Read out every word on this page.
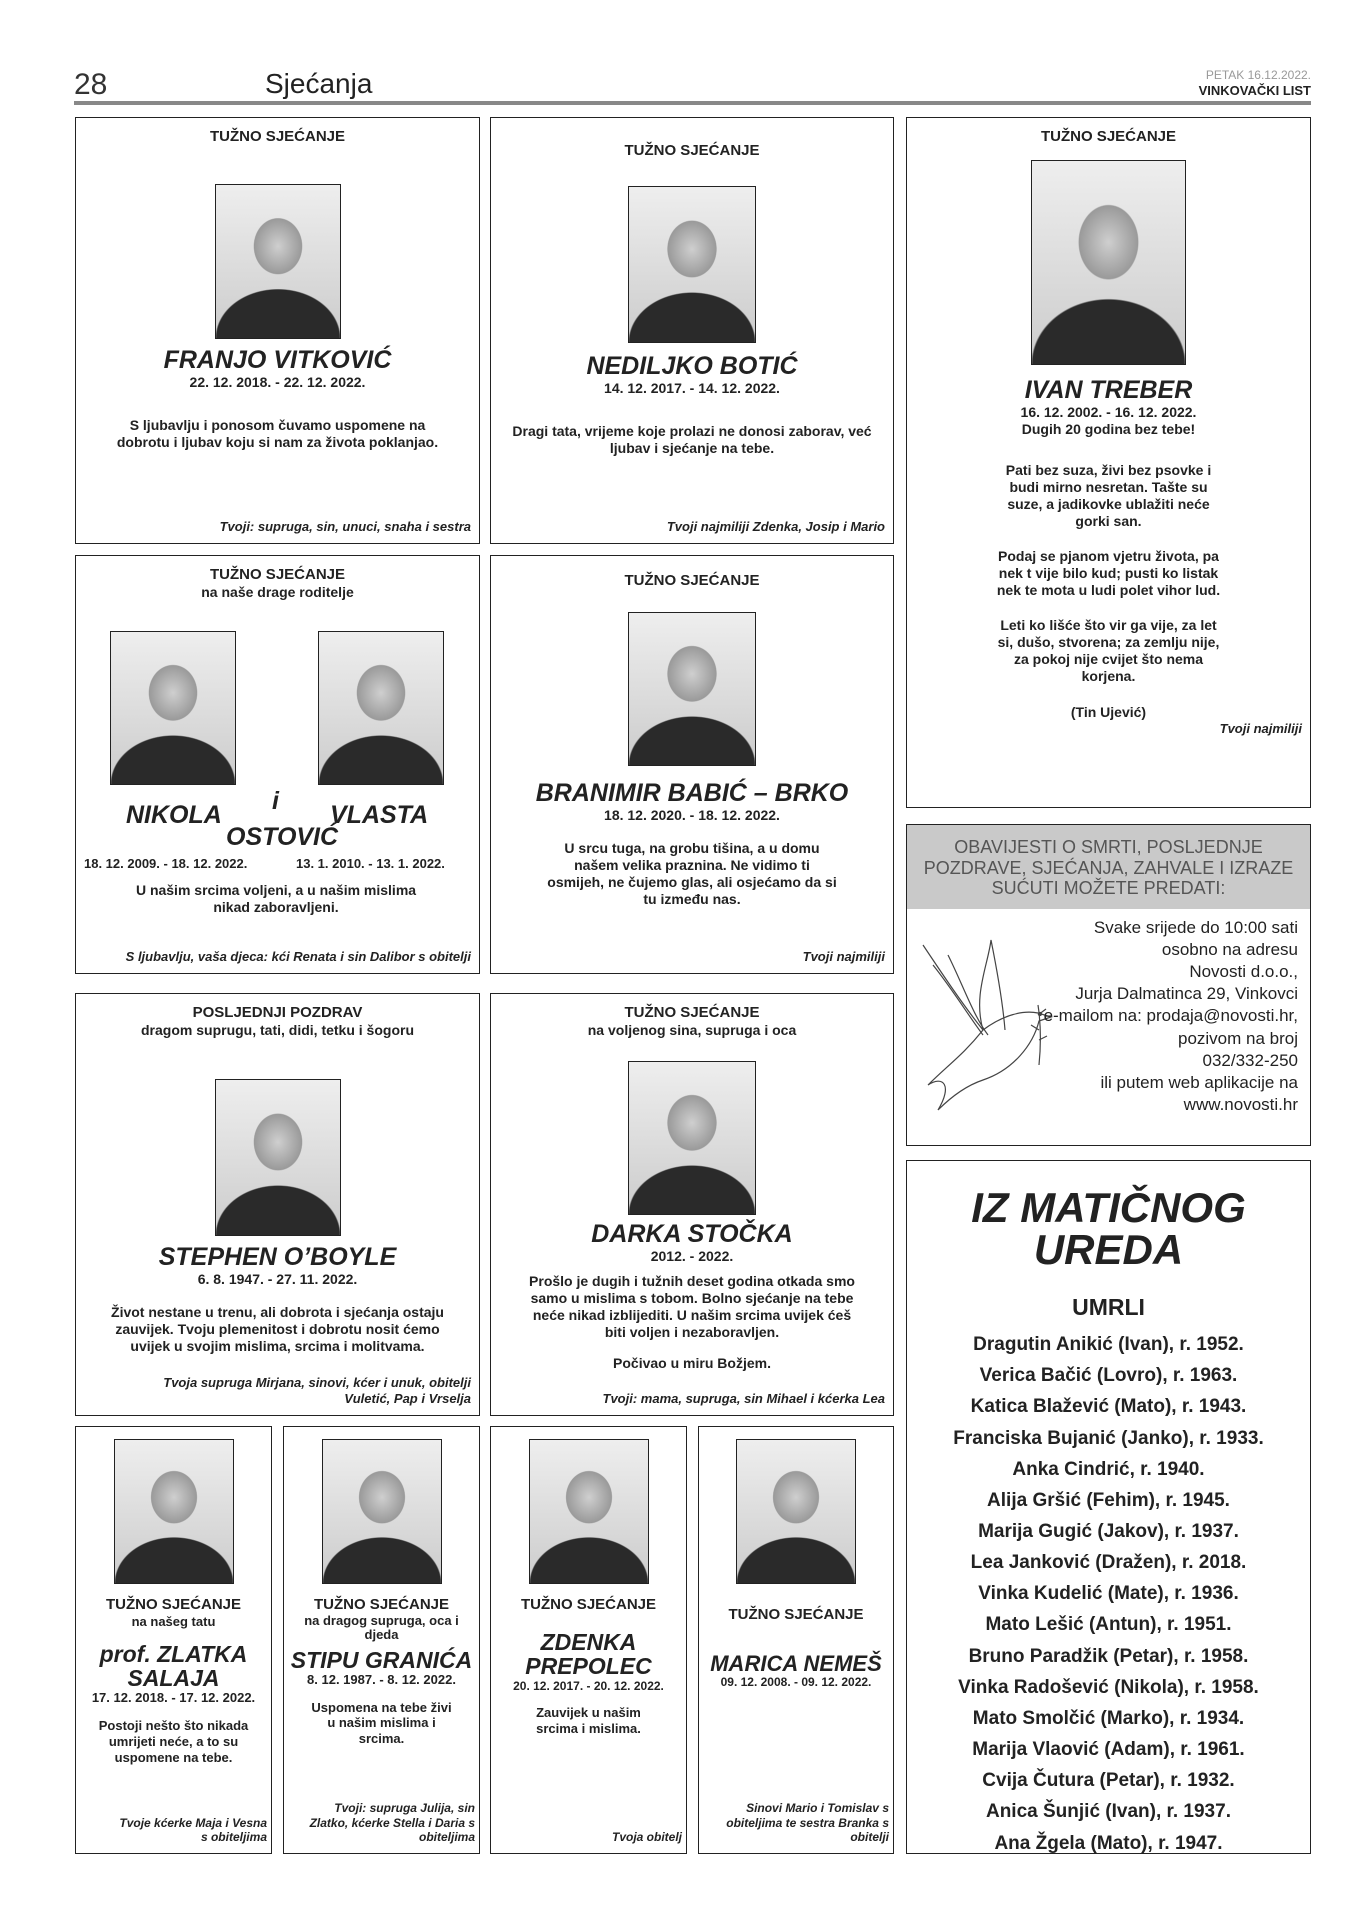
28	Sjećanja	PETAK 16.12.2022.
VINKOVAČKI LIST
TUŽNO SJEĆANJE
FRANJO VITKOVIĆ
22. 12. 2018. - 22. 12. 2022.
S ljubavlju i ponosom čuvamo uspomene na dobrotu i ljubav koju si nam za života poklanjao.
Tvoji: supruga, sin, unuci, snaha i sestra
TUŽNO SJEĆANJE
NEDILJKO BOTIĆ
14. 12. 2017. - 14. 12. 2022.
Dragi tata, vrijeme koje prolazi ne donosi zaborav, već ljubav i sjećanje na tebe.
Tvoji najmiliji Zdenka, Josip i Mario
TUŽNO SJEĆANJE
IVAN TREBER
16. 12. 2002. - 16. 12. 2022.
Dugih 20 godina bez tebe!
Pati bez suza, živi bez psovke i budi mirno nesretan. Tašte su suze, a jadikovke ublažiti neće gorki san.
Podaj se pjanom vjetru života, pa nek t vije bilo kud; pusti ko listak nek te mota u ludi polet vihor lud.
Leti ko lišće što vir ga vije, za let si, dušo, stvorena; za zemlju nije, za pokoj nije cvijet što nema korjena.
(Tin Ujević)
Tvoji najmiliji
TUŽNO SJEĆANJE
na naše drage roditelje
NIKOLA i
OSTOVIĆ
VLASTA
18. 12. 2009. - 18. 12. 2022.	13. 1. 2010. - 13. 1. 2022.
U našim srcima voljeni, a u našim mislima nikad zaboravljeni.
S ljubavlju, vaša djeca: kći Renata i sin Dalibor s obitelji
TUŽNO SJEĆANJE
BRANIMIR BABIĆ – BRKO
18. 12. 2020. - 18. 12. 2022.
U srcu tuga, na grobu tišina, a u domu našem velika praznina. Ne vidimo ti osmijeh, ne čujemo glas, ali osjećamo da si tu između nas.
Tvoji najmiliji
POSLJEDNJI POZDRAV
dragom suprugu, tati, didi, tetku i šogoru
STEPHEN O’BOYLE
6. 8. 1947. - 27. 11. 2022.
Život nestane u trenu, ali dobrota i sjećanja ostaju zauvijek. Tvoju plemenitost i dobrotu nosit ćemo uvijek u svojim mislima, srcima i molitvama.
Tvoja supruga Mirjana, sinovi, kćer i unuk, obitelji Vuletić, Pap i Vrselja
TUŽNO SJEĆANJE
na voljenog sina, supruga i oca
DARKA STOČKA
2012. - 2022.
Prošlo je dugih i tužnih deset godina otkada smo samo u mislima s tobom. Bolno sjećanje na tebe neće nikad izblijediti. U našim srcima uvijek ćeš biti voljen i nezaboravljen.
Počivao u miru Božjem.
Tvoji: mama, supruga, sin Mihael i kćerka Lea
TUŽNO SJEĆANJE
na našeg tatu
prof. ZLATKA SALAJA
17. 12. 2018. - 17. 12. 2022.
Postoji nešto što nikada umrijeti neće, a to su uspomene na tebe.
Tvoje kćerke Maja i Vesna s obiteljima
TUŽNO SJEĆANJE
na dragog supruga, oca i djeda
STIPU GRANIĆA
8. 12. 1987. - 8. 12. 2022.
Uspomena na tebe živi u našim mislima i srcima.
Tvoji: supruga Julija, sin Zlatko, kćerke Stella i Daria s obiteljima
TUŽNO SJEĆANJE
ZDENKA PREPOLEC
20. 12. 2017. - 20. 12. 2022.
Zauvijek u našim srcima i mislima.
Tvoja obitelj
TUŽNO SJEĆANJE
MARICA NEMEŠ
09. 12. 2008. - 09. 12. 2022.
Sinovi Mario i Tomislav s obiteljima te sestra Branka s obitelji
OBAVIJESTI O SMRTI, POSLJEDNJE POZDRAVE, SJEĆANJA, ZAHVALE I IZRAZE SUĆUTI MOŽETE PREDATI:
Svake srijede do 10:00 sati
osobno na adresu
Novosti d.o.o.,
Jurja Dalmatinca 29, Vinkovci
e-mailom na: prodaja@novosti.hr,
pozivom na broj
032/332-250
ili putem web aplikacije na
www.novosti.hr
IZ MATIČNOG UREDA
UMRLI
Dragutin Anikić (Ivan), r. 1952.
Verica Bačić (Lovro), r. 1963.
Katica Blažević (Mato), r. 1943.
Franciska Bujanić (Janko), r. 1933.
Anka Cindrić, r. 1940.
Alija Gršić (Fehim), r. 1945.
Marija Gugić (Jakov), r. 1937.
Lea Janković (Dražen), r. 2018.
Vinka Kudelić (Mate), r. 1936.
Mato Lešić (Antun), r. 1951.
Bruno Paradžik (Petar), r. 1958.
Vinka Radošević (Nikola), r. 1958.
Mato Smolčić (Marko), r. 1934.
Marija Vlaović (Adam), r. 1961.
Cvija Čutura (Petar), r. 1932.
Anica Šunjić (Ivan), r. 1937.
Ana Žgela (Mato), r. 1947.
